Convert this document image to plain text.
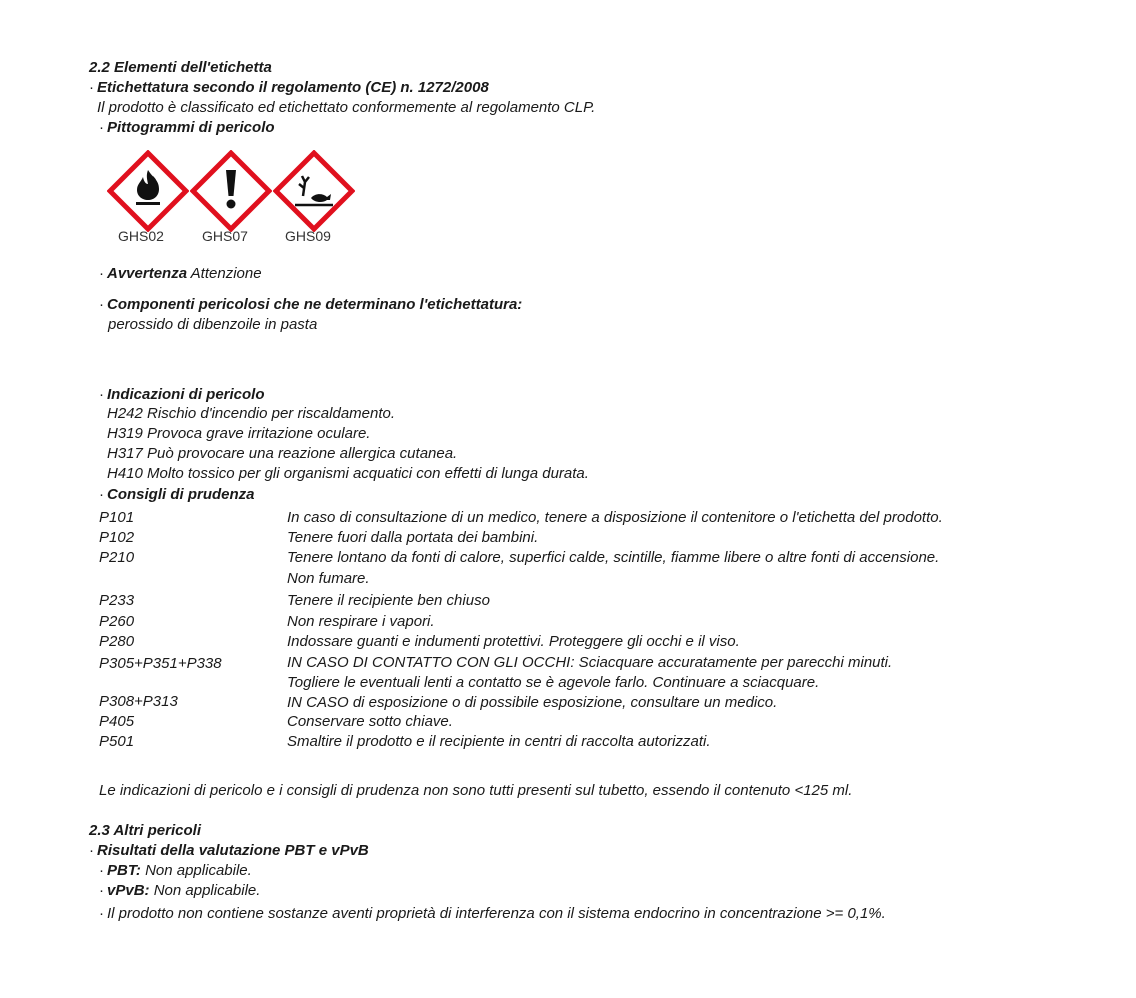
2.2 Elementi dell'etichetta
· Etichettatura secondo il regolamento (CE) n. 1272/2008
Il prodotto è classificato ed etichettato conformemente al regolamento CLP.
· Pittogrammi di pericolo
GHS02	GHS07	GHS09
· Avvertenza Attenzione
· Componenti pericolosi che ne determinano l'etichettatura:
perossido di dibenzoile in pasta
· Indicazioni di pericolo
H242 Rischio d'incendio per riscaldamento.
H319 Provoca grave irritazione oculare.
H317 Può provocare una reazione allergica cutanea.
H410 Molto tossico per gli organismi acquatici con effetti di lunga durata.
· Consigli di prudenza
P101	In caso di consultazione di un medico, tenere a disposizione il contenitore o l'etichetta del prodotto.
P102	Tenere fuori dalla portata dei bambini.
P210	Tenere lontano da fonti di calore, superfici calde, scintille, fiamme libere o altre fonti di accensione.
Non fumare.
P233	Tenere il recipiente ben chiuso
P260	Non respirare i vapori.
P280	Indossare guanti e indumenti protettivi. Proteggere gli occhi e il viso.
P305+P351+P338	IN CASO DI CONTATTO CON GLI OCCHI: Sciacquare accuratamente per parecchi minuti.
Togliere le eventuali lenti a contatto se è agevole farlo. Continuare a sciacquare.
P308+P313	IN CASO di esposizione o di possibile esposizione, consultare un medico.
P405	Conservare sotto chiave.
P501	Smaltire il prodotto e il recipiente in centri di raccolta autorizzati.
Le indicazioni di pericolo e i consigli di prudenza non sono tutti presenti sul tubetto, essendo il contenuto <125 ml.
2.3 Altri pericoli
· Risultati della valutazione PBT e vPvB
· PBT: Non applicabile.
· vPvB: Non applicabile.
· Il prodotto non contiene sostanze aventi proprietà di interferenza con il sistema endocrino in concentrazione >= 0,1%.
